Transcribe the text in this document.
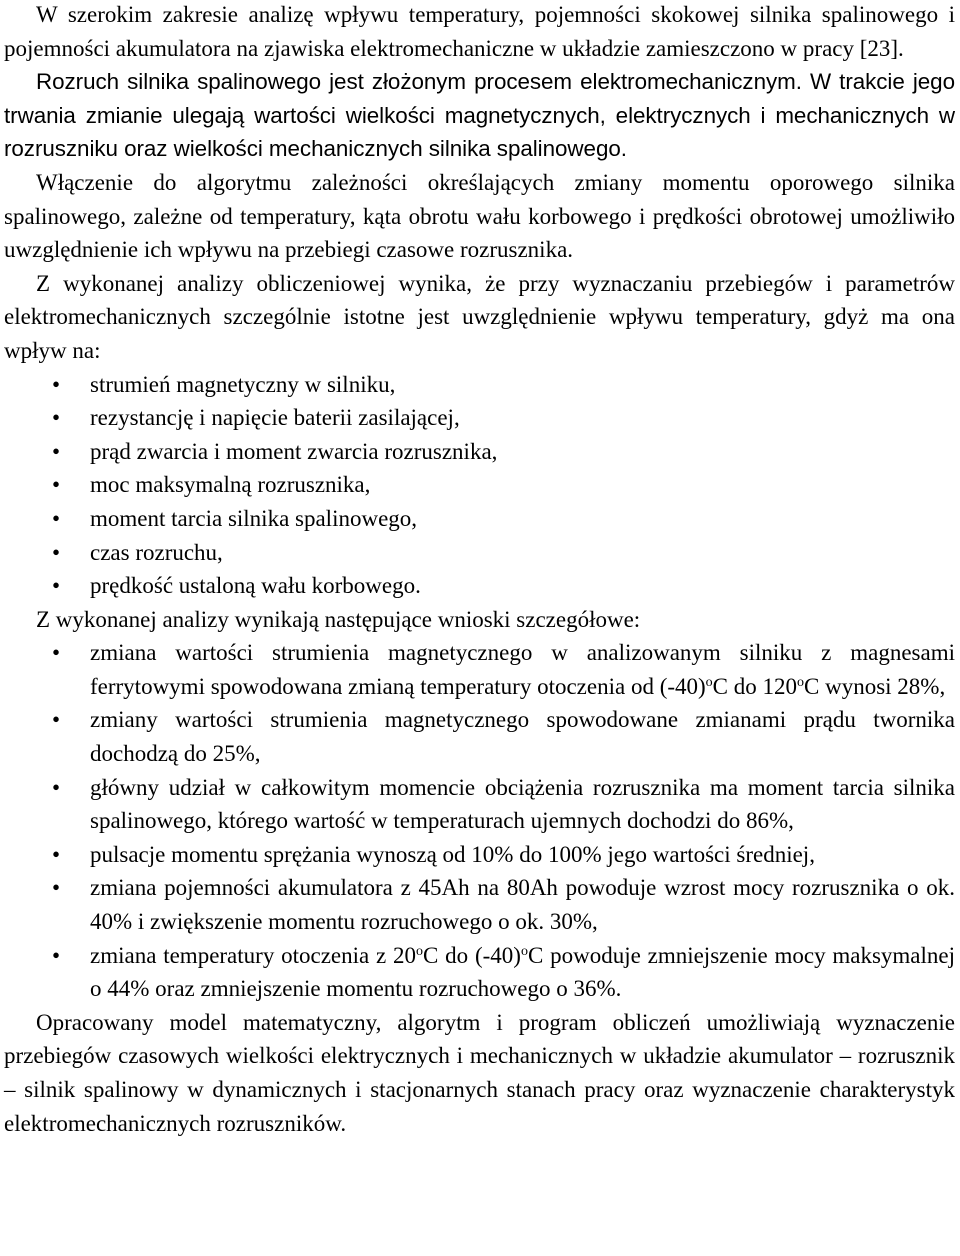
W szerokim zakresie analizę wpływu temperatury, pojemności skokowej silnika spalinowego i pojemności akumulatora na zjawiska elektromechaniczne w układzie zamieszczono w pracy [23].

Rozruch silnika spalinowego jest złożonym procesem elektromechanicznym. W trakcie jego trwania zmianie ulegają wartości wielkości magnetycznych, elektrycznych i mechanicznych w rozruszniku oraz wielkości mechanicznych silnika spalinowego.

Włączenie do algorytmu zależności określających zmiany momentu oporowego silnika spalinowego, zależne od temperatury, kąta obrotu wału korbowego i prędkości obrotowej umożliwiło uwzględnienie ich wpływu na przebiegi czasowe rozrusznika.

Z wykonanej analizy obliczeniowej wynika, że przy wyznaczaniu przebiegów i parametrów elektromechanicznych szczególnie istotne jest uwzględnienie wpływu temperatury, gdyż ma ona wpływ na:

• strumień magnetyczny w silniku,
• rezystancję i napięcie baterii zasilającej,
• prąd zwarcia i moment zwarcia rozrusznika,
• moc maksymalną rozrusznika,
• moment tarcia silnika spalinowego,
• czas rozruchu,
• prędkość ustaloną wału korbowego.

Z wykonanej analizy wynikają następujące wnioski szczegółowe:

• zmiana wartości strumienia magnetycznego w analizowanym silniku z magnesami ferrytowymi spowodowana zmianą temperatury otoczenia od $(-40)^oC$ do 120$^o$C wynosi 28%,
• zmiany wartości strumienia magnetycznego spowodowane zmianami prądu twornika dochodzą do 25%,
• główny udział w całkowitym momencie obciążenia rozrusznika ma moment tarcia silnika spalinowego, którego wartość w temperaturach ujemnych dochodzi do 86%,
• pulsacje momentu sprężania wynoszą od 10% do 100% jego wartości średniej,
• zmiana pojemności akumulatora z 45Ah na 80Ah powoduje wzrost mocy rozrusznika o ok. 40% i zwiększenie momentu rozruchowego o ok. 30%,
• zmiana temperatury otoczenia z 20$^o$C do $(-40)^oC$ powoduje zmniejszenie mocy maksymalnej o 44% oraz zmniejszenie momentu rozruchowego o 36%.

Opracowany model matematyczny, algorytm i program obliczeń umożliwiają wyznaczenie przebiegów czasowych wielkości elektrycznych i mechanicznych w układzie akumulator – rozrusznik – silnik spalinowy w dynamicznych i stacjonarnych stanach pracy oraz wyznaczenie charakterystyk elektromechanicznych rozruszników.
